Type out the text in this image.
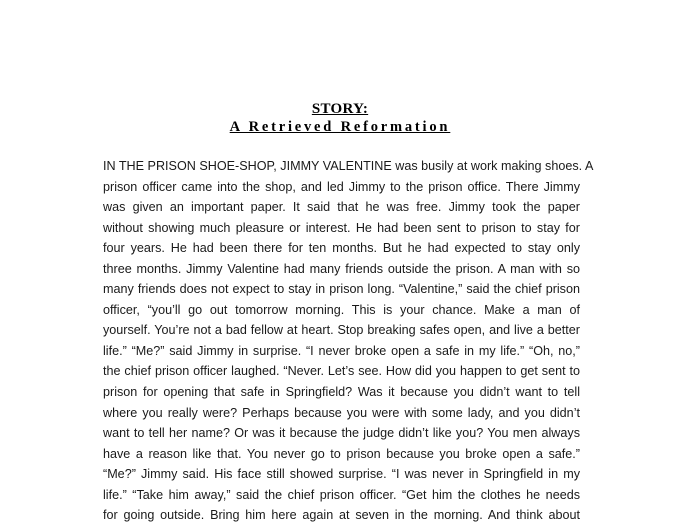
STORY:
A Retrieved Reformation
IN THE PRISON SHOE-SHOP, JIMMY VALENTINE was busily at work making shoes. A
prison officer came into the shop, and led Jimmy to the prison office. There Jimmy
was given an important paper. It said that he was free. Jimmy took the paper
without showing much pleasure or interest. He had been sent to prison to stay for
four years. He had been there for ten months. But he had expected to stay only
three months. Jimmy Valentine had many friends outside the prison. A man with so
many friends does not expect to stay in prison long. “Valentine,” said the chief prison
officer, “you’ll go out tomorrow morning. This is your chance. Make a man of
yourself. You’re not a bad fellow at heart. Stop breaking safes open, and live a better
life.” “Me?” said Jimmy in surprise. “I never broke open a safe in my life.” “Oh, no,”
the chief prison officer laughed. “Never. Let’s see. How did you happen to get sent to
prison for opening that safe in Springfield? Was it because you didn’t want to tell
where you really were? Perhaps because you were with some lady, and you didn’t
want to tell her name? Or was it because the judge didn’t like you? You men always
have a reason like that. You never go to prison because you broke open a safe.”
“Me?” Jimmy said. His face still showed surprise. “I was never in Springfield in my
life.” “Take him away,” said the chief prison officer. “Get him the clothes he needs
for going outside. Bring him here again at seven in the morning. And think about
